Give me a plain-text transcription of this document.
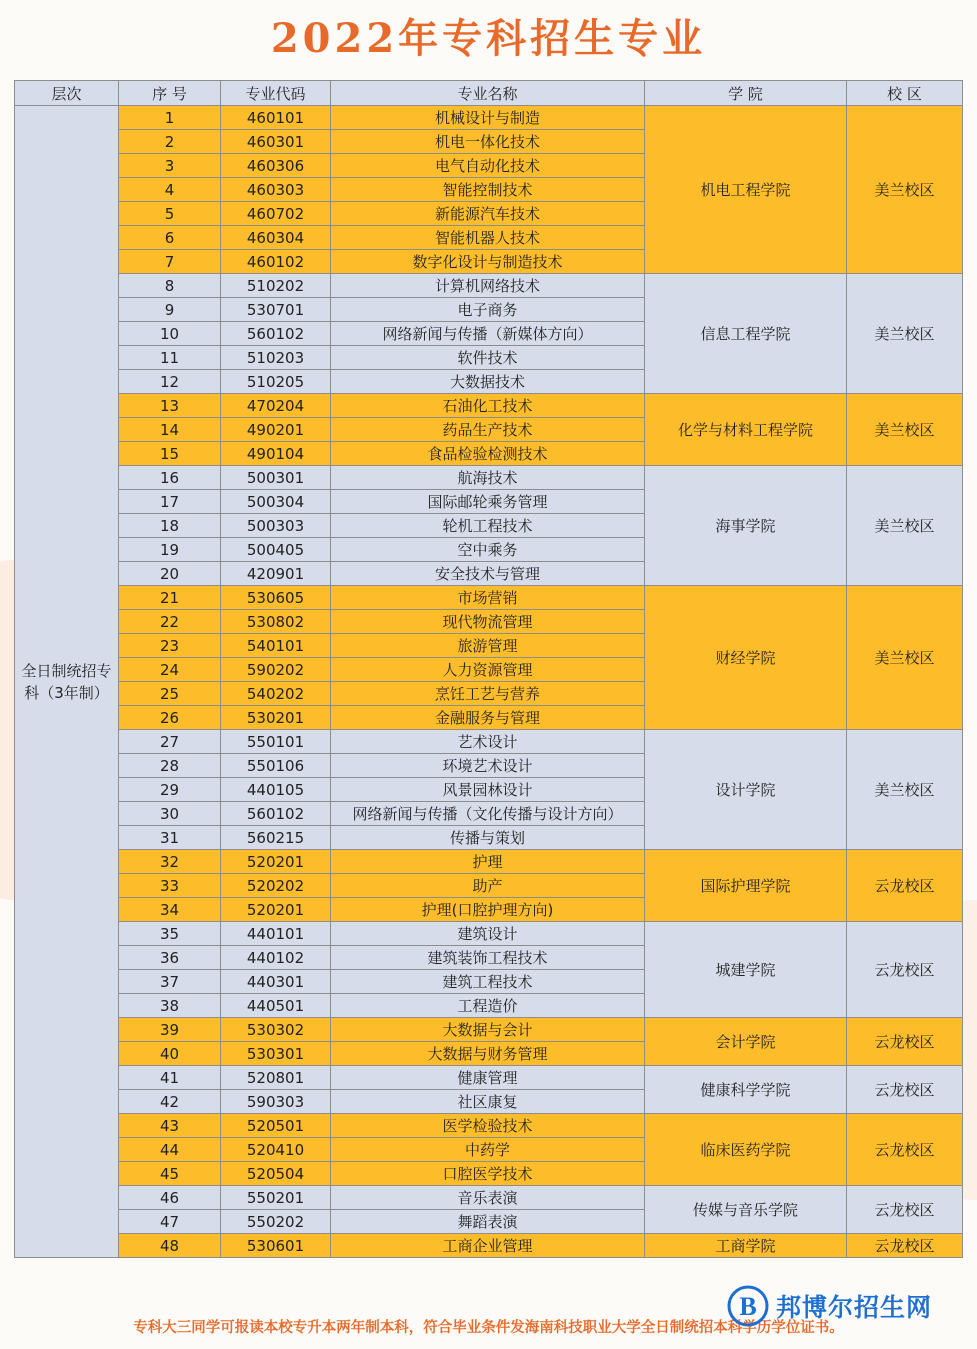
2022年专科招生专业
层次	序 号	专业代码	专业名称	学 院	校 区
全日制统招专科（3年制）	1	460101	机械设计与制造	机电工程学院	美兰校区
	2	460301	机电一体化技术		
	3	460306	电气自动化技术		
	4	460303	智能控制技术		
	5	460702	新能源汽车技术		
	6	460304	智能机器人技术		
	7	460102	数字化设计与制造技术		
	8	510202	计算机网络技术	信息工程学院	美兰校区
	9	530701	电子商务		
	10	560102	网络新闻与传播（新媒体方向）		
	11	510203	软件技术		
	12	510205	大数据技术		
	13	470204	石油化工技术	化学与材料工程学院	美兰校区
	14	490201	药品生产技术		
	15	490104	食品检验检测技术		
	16	500301	航海技术	海事学院	美兰校区
	17	500304	国际邮轮乘务管理		
	18	500303	轮机工程技术		
	19	500405	空中乘务		
	20	420901	安全技术与管理		
	21	530605	市场营销	财经学院	美兰校区
	22	530802	现代物流管理		
	23	540101	旅游管理		
	24	590202	人力资源管理		
	25	540202	烹饪工艺与营养		
	26	530201	金融服务与管理		
	27	550101	艺术设计	设计学院	美兰校区
	28	550106	环境艺术设计		
	29	440105	风景园林设计		
	30	560102	网络新闻与传播（文化传播与设计方向）		
	31	560215	传播与策划		
	32	520201	护理	国际护理学院	云龙校区
	33	520202	助产		
	34	520201	护理(口腔护理方向)		
	35	440101	建筑设计	城建学院	云龙校区
	36	440102	建筑装饰工程技术		
	37	440301	建筑工程技术		
	38	440501	工程造价		
	39	530302	大数据与会计	会计学院	云龙校区
	40	530301	大数据与财务管理		
	41	520801	健康管理	健康科学学院	云龙校区
	42	590303	社区康复		
	43	520501	医学检验技术	临床医药学院	云龙校区
	44	520410	中药学		
	45	520504	口腔医学技术		
	46	550201	音乐表演	传媒与音乐学院	云龙校区
	47	550202	舞蹈表演		
	48	530601	工商企业管理	工商学院	云龙校区
专科大三同学可报读本校专升本两年制本科，符合毕业条件发海南科技职业大学全日制统招本科学历学位证书。
B 邦博尔招生网
